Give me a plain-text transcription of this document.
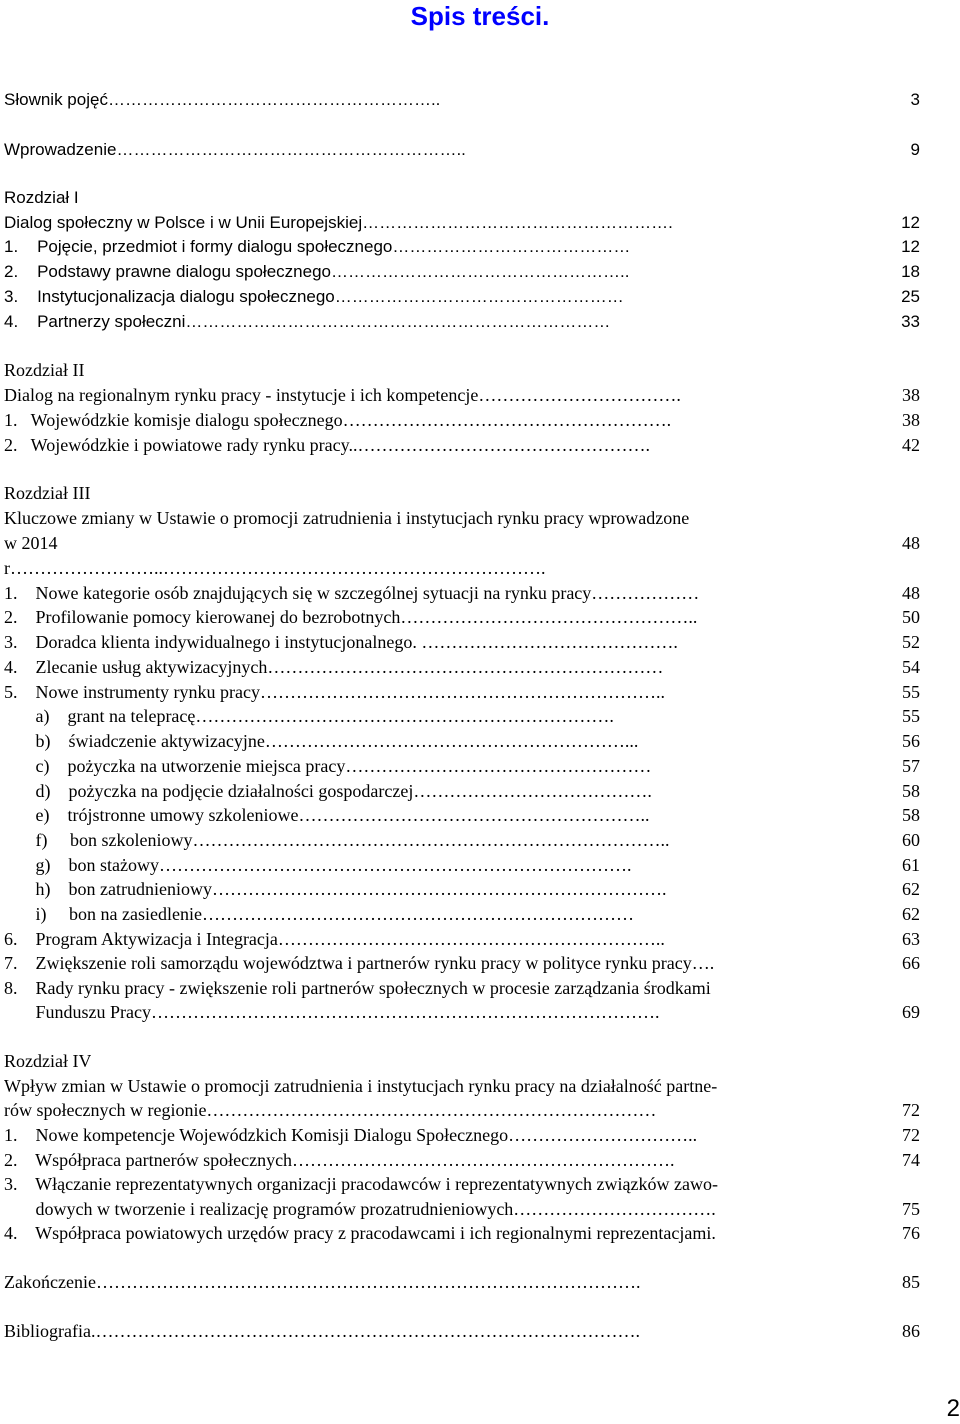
Spis treści.
Słownik pojęć…………………………………………………..	3
Wprowadzenie……………………………………………………..	9
Rozdział I
Dialog społeczny w Polsce i w Unii Europejskiej……………………………………………….	12
1.    Pojęcie, przedmiot i formy dialogu społecznego……………………………………	12
2.    Podstawy prawne dialogu społecznego……………………………………………..	18
3.    Instytucjonalizacja dialogu społecznego……………………………………………	25
4.    Partnerzy społeczni…………………………………………………………………	33
Rozdział II
Dialog na regionalnym rynku pracy - instytucje i ich kompetencje…………………………….	38
1.   Wojewódzkie komisje dialogu społecznego……………………………………………….	38
2.   Wojewódzkie i powiatowe rady rynku pracy..………………………………………….	42
Rozdział III
Kluczowe zmiany w Ustawie o promocji zatrudnienia i instytucjach rynku pracy wprowadzone
w 2014	48
r……………………..……………………………………………………….
1.    Nowe kategorie osób znajdujących się w szczególnej sytuacji na rynku pracy………………	48
2.    Profilowanie pomocy kierowanej do bezrobotnych…………………………………………..	50
3.    Doradca klienta indywidualnego i instytucjonalnego. …………………………………….	52
4.    Zlecanie usług aktywizacyjnych…………………………………………………………	54
5.    Nowe instrumenty rynku pracy…………………………………………………………..	55
a)    grant na telepracę…………………………………………………………….	55
b)    świadczenie aktywizacyjne……………………………………………………...	56
c)    pożyczka na utworzenie miejsca pracy……………………………………………	57
d)    pożyczka na podjęcie działalności gospodarczej………………………………….	58
e)    trójstronne umowy szkoleniowe…………………………………………………..	58
f)     bon szkoleniowy……………………………………………………………………..	60
g)    bon stażowy…………………………………………………………………….	61
h)    bon zatrudnieniowy………………………………………………………………….	62
i)     bon na zasiedlenie………………………………………………………………	62
6.    Program Aktywizacja i Integracja………………………………………………………..	63
7.    Zwiększenie roli samorządu województwa i partnerów rynku pracy w polityce rynku pracy….	66
8.    Rady rynku pracy - zwiększenie roli partnerów społecznych w procesie zarządzania środkami
Funduszu Pracy………………………………………………………………………….	69
Rozdział IV
Wpływ zmian w Ustawie o promocji zatrudnienia i instytucjach rynku pracy na działalność partne-
rów społecznych w regionie…………………………………………………………………	72
1.    Nowe kompetencje Wojewódzkich Komisji Dialogu Społecznego…………………………..	72
2.    Współpraca partnerów społecznych……………………………………………………….	74
3.    Włączanie reprezentatywnych organizacji pracodawców i reprezentatywnych związków zawo-
dowych w tworzenie i realizację programów prozatrudnieniowych…………………………….	75
4.    Współpraca powiatowych urzędów pracy z pracodawcami i ich regionalnymi reprezentacjami.	76
Zakończenie……………………………………………………………………………….	85
Bibliografia.……………………………………………………………………………….	86
2
